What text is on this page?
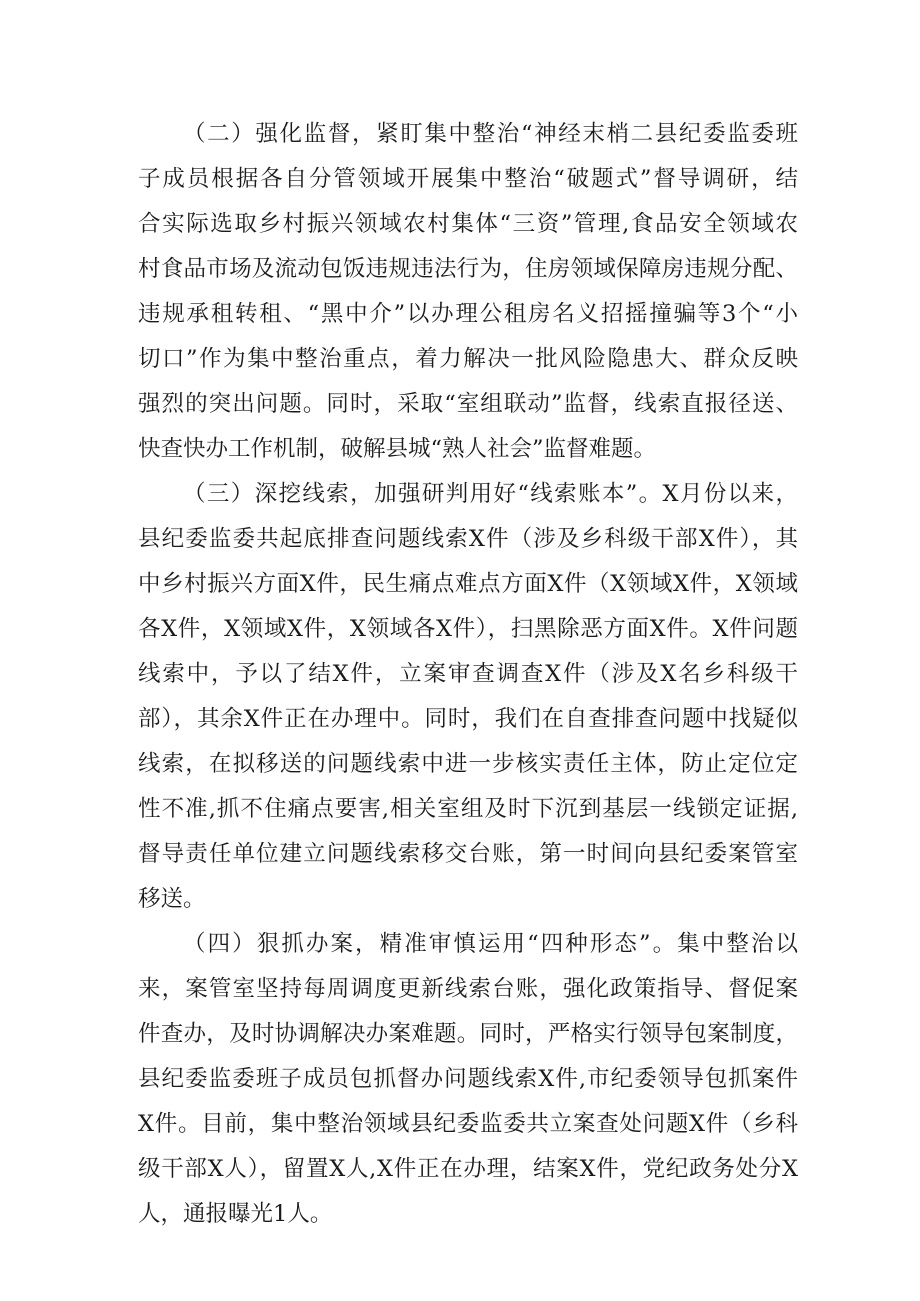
（二）强化监督，紧盯集中整治“神经末梢二县纪委监委班
子成员根据各自分管领域开展集中整治“破题式”督导调研，结
合实际选取乡村振兴领域农村集体“三资”管理,食品安全领域农
村食品市场及流动包饭违规违法行为，住房领域保障房违规分配、
违规承租转租、“黑中介”以办理公租房名义招摇撞骗等3个“小
切口”作为集中整治重点，着力解决一批风险隐患大、群众反映
强烈的突出问题。同时，采取“室组联动”监督，线索直报径送、
快查快办工作机制，破解县城“熟人社会”监督难题。
（三）深挖线索，加强研判用好“线索账本”。X月份以来，
县纪委监委共起底排查问题线索X件（涉及乡科级干部X件），其
中乡村振兴方面X件，民生痛点难点方面X件（X领域X件，X领域
各X件，X领域X件，X领域各X件），扫黑除恶方面X件。X件问题
线索中，予以了结X件，立案审查调查X件（涉及X名乡科级干
部），其余X件正在办理中。同时，我们在自查排查问题中找疑似
线索，在拟移送的问题线索中进一步核实责任主体，防止定位定
性不准,抓不住痛点要害,相关室组及时下沉到基层一线锁定证据,
督导责任单位建立问题线索移交台账，第一时间向县纪委案管室
移送。
（四）狠抓办案，精准审慎运用“四种形态”。集中整治以
来，案管室坚持每周调度更新线索台账，强化政策指导、督促案
件查办，及时协调解决办案难题。同时，严格实行领导包案制度，
县纪委监委班子成员包抓督办问题线索X件,市纪委领导包抓案件
X件。目前，集中整治领域县纪委监委共立案查处问题X件（乡科
级干部X人），留置X人,X件正在办理，结案X件，党纪政务处分X
人，通报曝光1人。
